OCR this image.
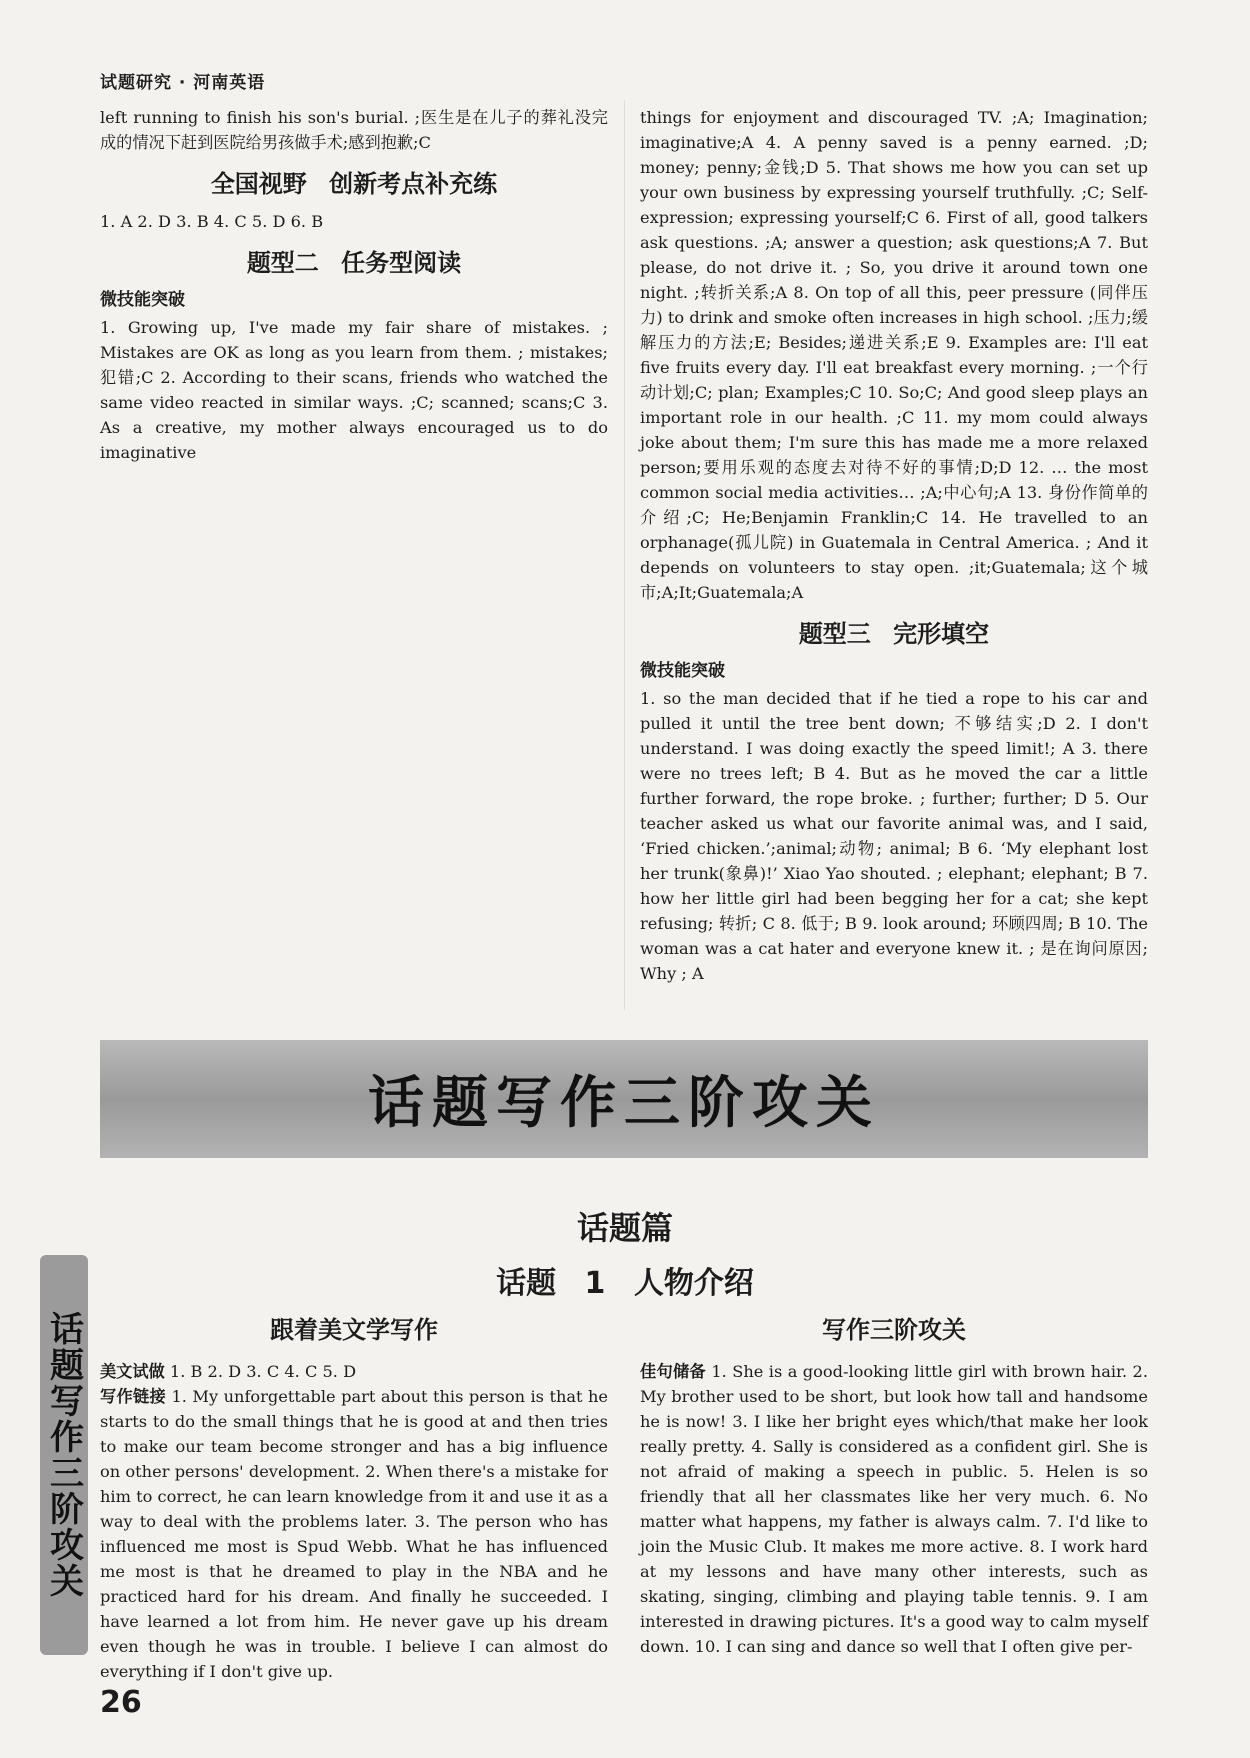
试题研究 · 河南英语

left running to finish his son's burial. ;医生是在儿子的葬礼没完成的情况下赶到医院给男孩做手术;感到抱歉;C

全国视野 创新考点补充练

1. A 2. D 3. B 4. C 5. D 6. B

题型二 任务型阅读
微技能突破

1. Growing up, I've made my fair share of mistakes. ; Mistakes are OK as long as you learn from them. ; mistakes;犯错;C 2. According to their scans, friends who watched the same video reacted in similar ways. ;C; scanned; scans;C 3. As a creative, my mother always encouraged us to do imaginative

things for enjoyment and discouraged TV. ;A; Imagination; imaginative;A 4. A penny saved is a penny earned. ;D; money; penny;金钱;D 5. That shows me how you can set up your own business by expressing yourself truthfully. ;C; Self-expression; expressing yourself;C 6. First of all, good talkers ask questions. ;A; answer a question; ask questions;A 7. But please, do not drive it. ; So, you drive it around town one night. ;转折关系;A 8. On top of all this, peer pressure (同伴压力) to drink and smoke often increases in high school. ;压力;缓解压力的方法;E; Besides;递进关系;E 9. Examples are: I'll eat five fruits every day. I'll eat breakfast every morning. ;一个行动计划;C; plan; Examples;C 10. So;C; And good sleep plays an important role in our health. ;C 11. my mom could always joke about them; I'm sure this has made me a more relaxed person;要用乐观的态度去对待不好的事情;D;D 12. … the most common social media activities… ;A;中心句;A 13. 身份作简单的介绍;C; He;Benjamin Franklin;C 14. He travelled to an orphanage(孤儿院) in Guatemala in Central America. ; And it depends on volunteers to stay open. ;it;Guatemala;这个城市;A;It;Guatemala;A

题型三 完形填空
微技能突破

1. so the man decided that if he tied a rope to his car and pulled it until the tree bent down; 不够结实;D 2. I don't understand. I was doing exactly the speed limit!; A 3. there were no trees left; B 4. But as he moved the car a little further forward, the rope broke. ; further; further; D 5. Our teacher asked us what our favorite animal was, and I said, ‘Fried chicken.’;animal;动物; animal; B 6. ‘My elephant lost her trunk(象鼻)!’ Xiao Yao shouted. ; elephant; elephant; B 7. how her little girl had been begging her for a cat; she kept refusing; 转折; C 8. 低于; B 9. look around; 环顾四周; B 10. The woman was a cat hater and everyone knew it. ; 是在询问原因; Why ; A

话题写作三阶攻关
话题篇
话题 1 人物介绍
跟着美文学写作

美文试做 1. B 2. D 3. C 4. C 5. D

写作链接 1. My unforgettable part about this person is that he starts to do the small things that he is good at and then tries to make our team become stronger and has a big influence on other persons' development. 2. When there's a mistake for him to correct, he can learn knowledge from it and use it as a way to deal with the problems later. 3. The person who has influenced me most is Spud Webb. What he has influenced me most is that he dreamed to play in the NBA and he practiced hard for his dream. And finally he succeeded. I have learned a lot from him. He never gave up his dream even though he was in trouble. I believe I can almost do everything if I don't give up.

写作三阶攻关

佳句储备 1. She is a good-looking little girl with brown hair. 2. My brother used to be short, but look how tall and handsome he is now! 3. I like her bright eyes which/that make her look really pretty. 4. Sally is considered as a confident girl. She is not afraid of making a speech in public. 5. Helen is so friendly that all her classmates like her very much. 6. No matter what happens, my father is always calm. 7. I'd like to join the Music Club. It makes me more active. 8. I work hard at my lessons and have many other interests, such as skating, singing, climbing and playing table tennis. 9. I am interested in drawing pictures. It's a good way to calm myself down. 10. I can sing and dance so well that I often give per-

话题写作三阶攻关
26
